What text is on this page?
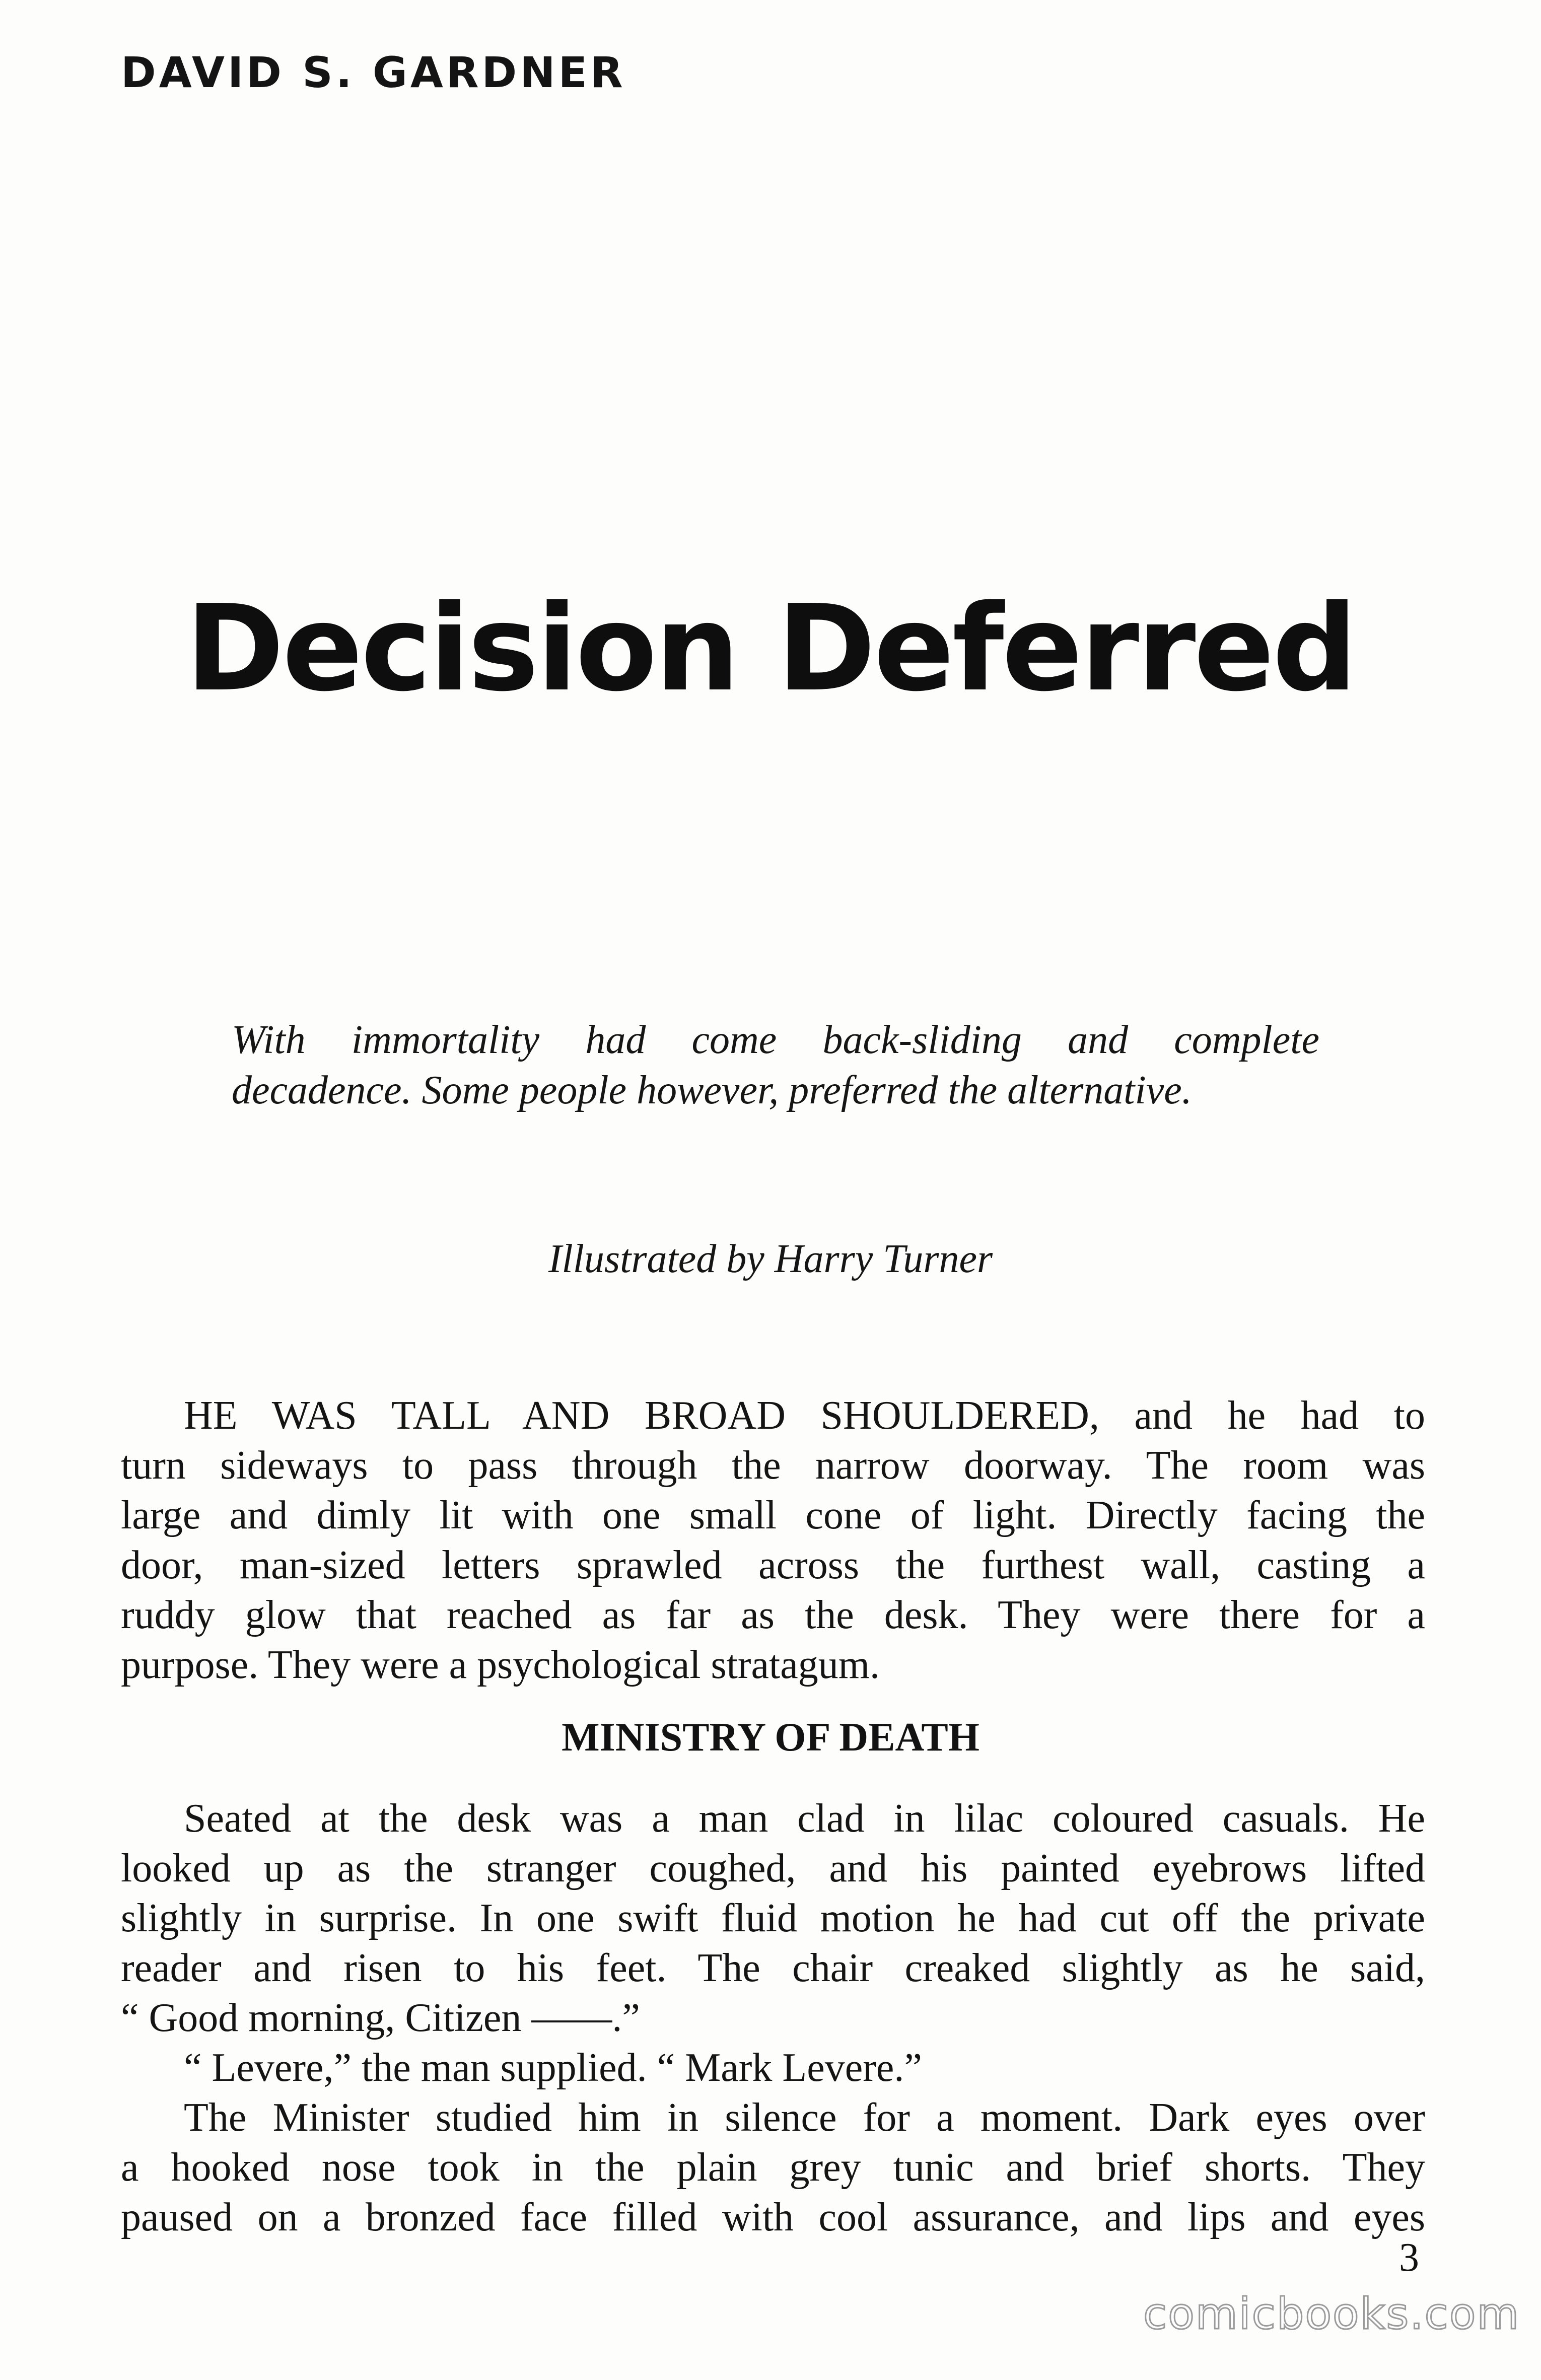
DAVID S. GARDNER
Decision Deferred
With immortality had come back-sliding and complete
decadence. Some people however, preferred the alternative.
Illustrated by Harry Turner
HE WAS TALL AND BROAD SHOULDERED, and he had to
turn sideways to pass through the narrow doorway. The room was
large and dimly lit with one small cone of light. Directly facing the
door, man-sized letters sprawled across the furthest wall, casting a
ruddy glow that reached as far as the desk. They were there for a
purpose. They were a psychological stratagum.
MINISTRY OF DEATH
Seated at the desk was a man clad in lilac coloured casuals. He
looked up as the stranger coughed, and his painted eyebrows lifted
slightly in surprise. In one swift fluid motion he had cut off the private
reader and risen to his feet. The chair creaked slightly as he said,
“ Good morning, Citizen ——.”
“ Levere,” the man supplied. “ Mark Levere.”
The Minister studied him in silence for a moment. Dark eyes over
a hooked nose took in the plain grey tunic and brief shorts. They
paused on a bronzed face filled with cool assurance, and lips and eyes
3
comicbooks.com
